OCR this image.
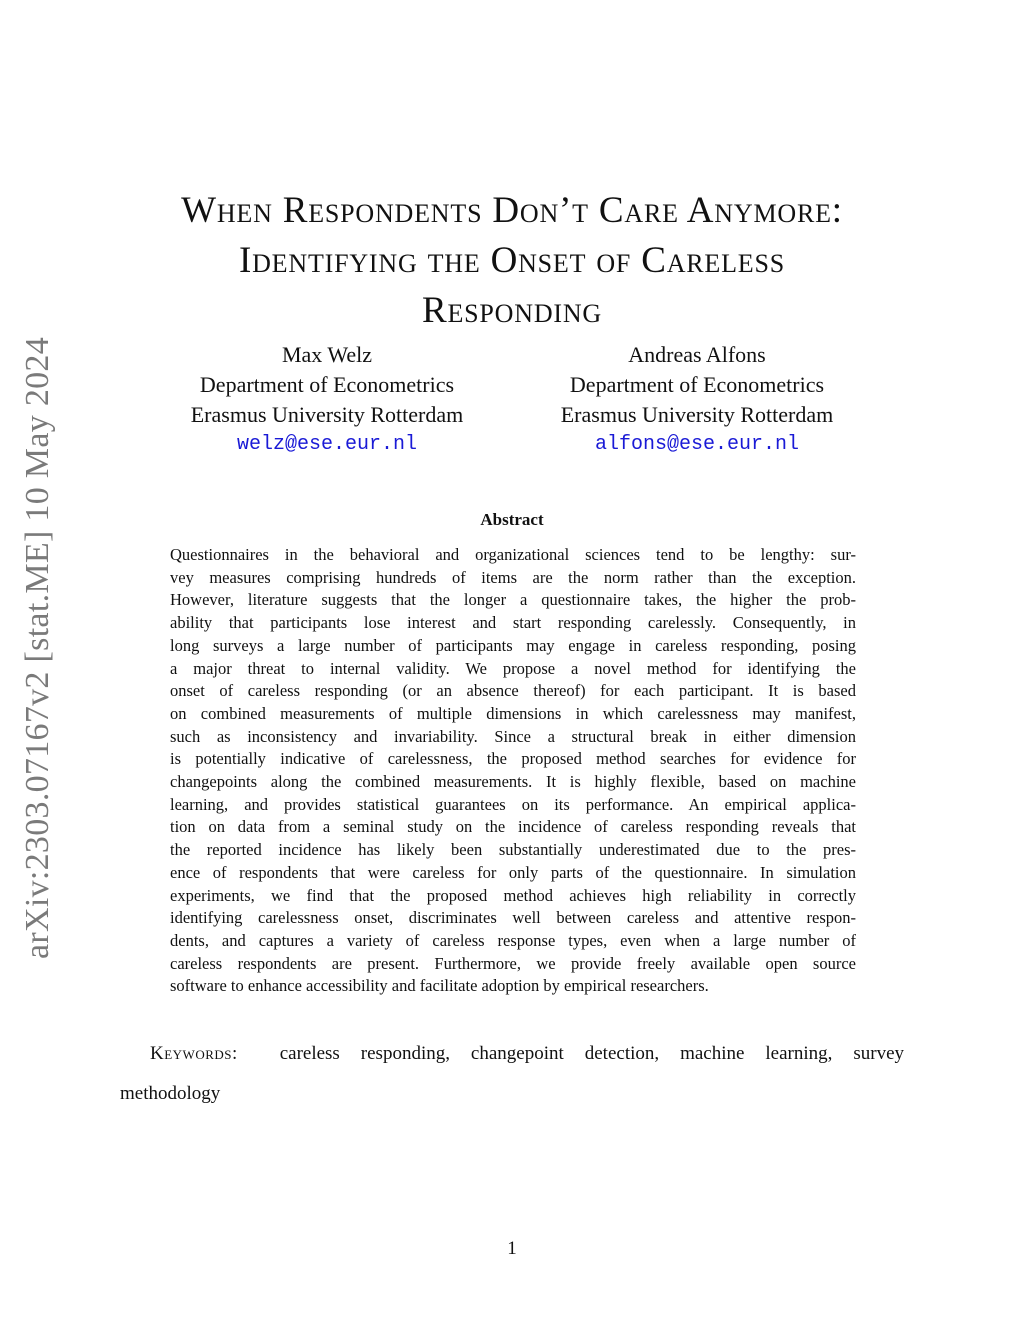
arXiv:2303.07167v2 [stat.ME] 10 May 2024
When Respondents Don’t Care Anymore:
Identifying the Onset of Careless
Responding
Max Welz
Department of Econometrics
Erasmus University Rotterdam
welz@ese.eur.nl
Andreas Alfons
Department of Econometrics
Erasmus University Rotterdam
alfons@ese.eur.nl
Abstract
Questionnaires in the behavioral and organizational sciences tend to be lengthy: sur-
vey measures comprising hundreds of items are the norm rather than the exception.
However, literature suggests that the longer a questionnaire takes, the higher the prob-
ability that participants lose interest and start responding carelessly. Consequently, in
long surveys a large number of participants may engage in careless responding, posing
a major threat to internal validity. We propose a novel method for identifying the
onset of careless responding (or an absence thereof) for each participant. It is based
on combined measurements of multiple dimensions in which carelessness may manifest,
such as inconsistency and invariability. Since a structural break in either dimension
is potentially indicative of carelessness, the proposed method searches for evidence for
changepoints along the combined measurements. It is highly flexible, based on machine
learning, and provides statistical guarantees on its performance. An empirical applica-
tion on data from a seminal study on the incidence of careless responding reveals that
the reported incidence has likely been substantially underestimated due to the pres-
ence of respondents that were careless for only parts of the questionnaire. In simulation
experiments, we find that the proposed method achieves high reliability in correctly
identifying carelessness onset, discriminates well between careless and attentive respon-
dents, and captures a variety of careless response types, even when a large number of
careless respondents are present. Furthermore, we provide freely available open source
software to enhance accessibility and facilitate adoption by empirical researchers.
Keywords: careless responding, changepoint detection, machine learning, survey
methodology
1
